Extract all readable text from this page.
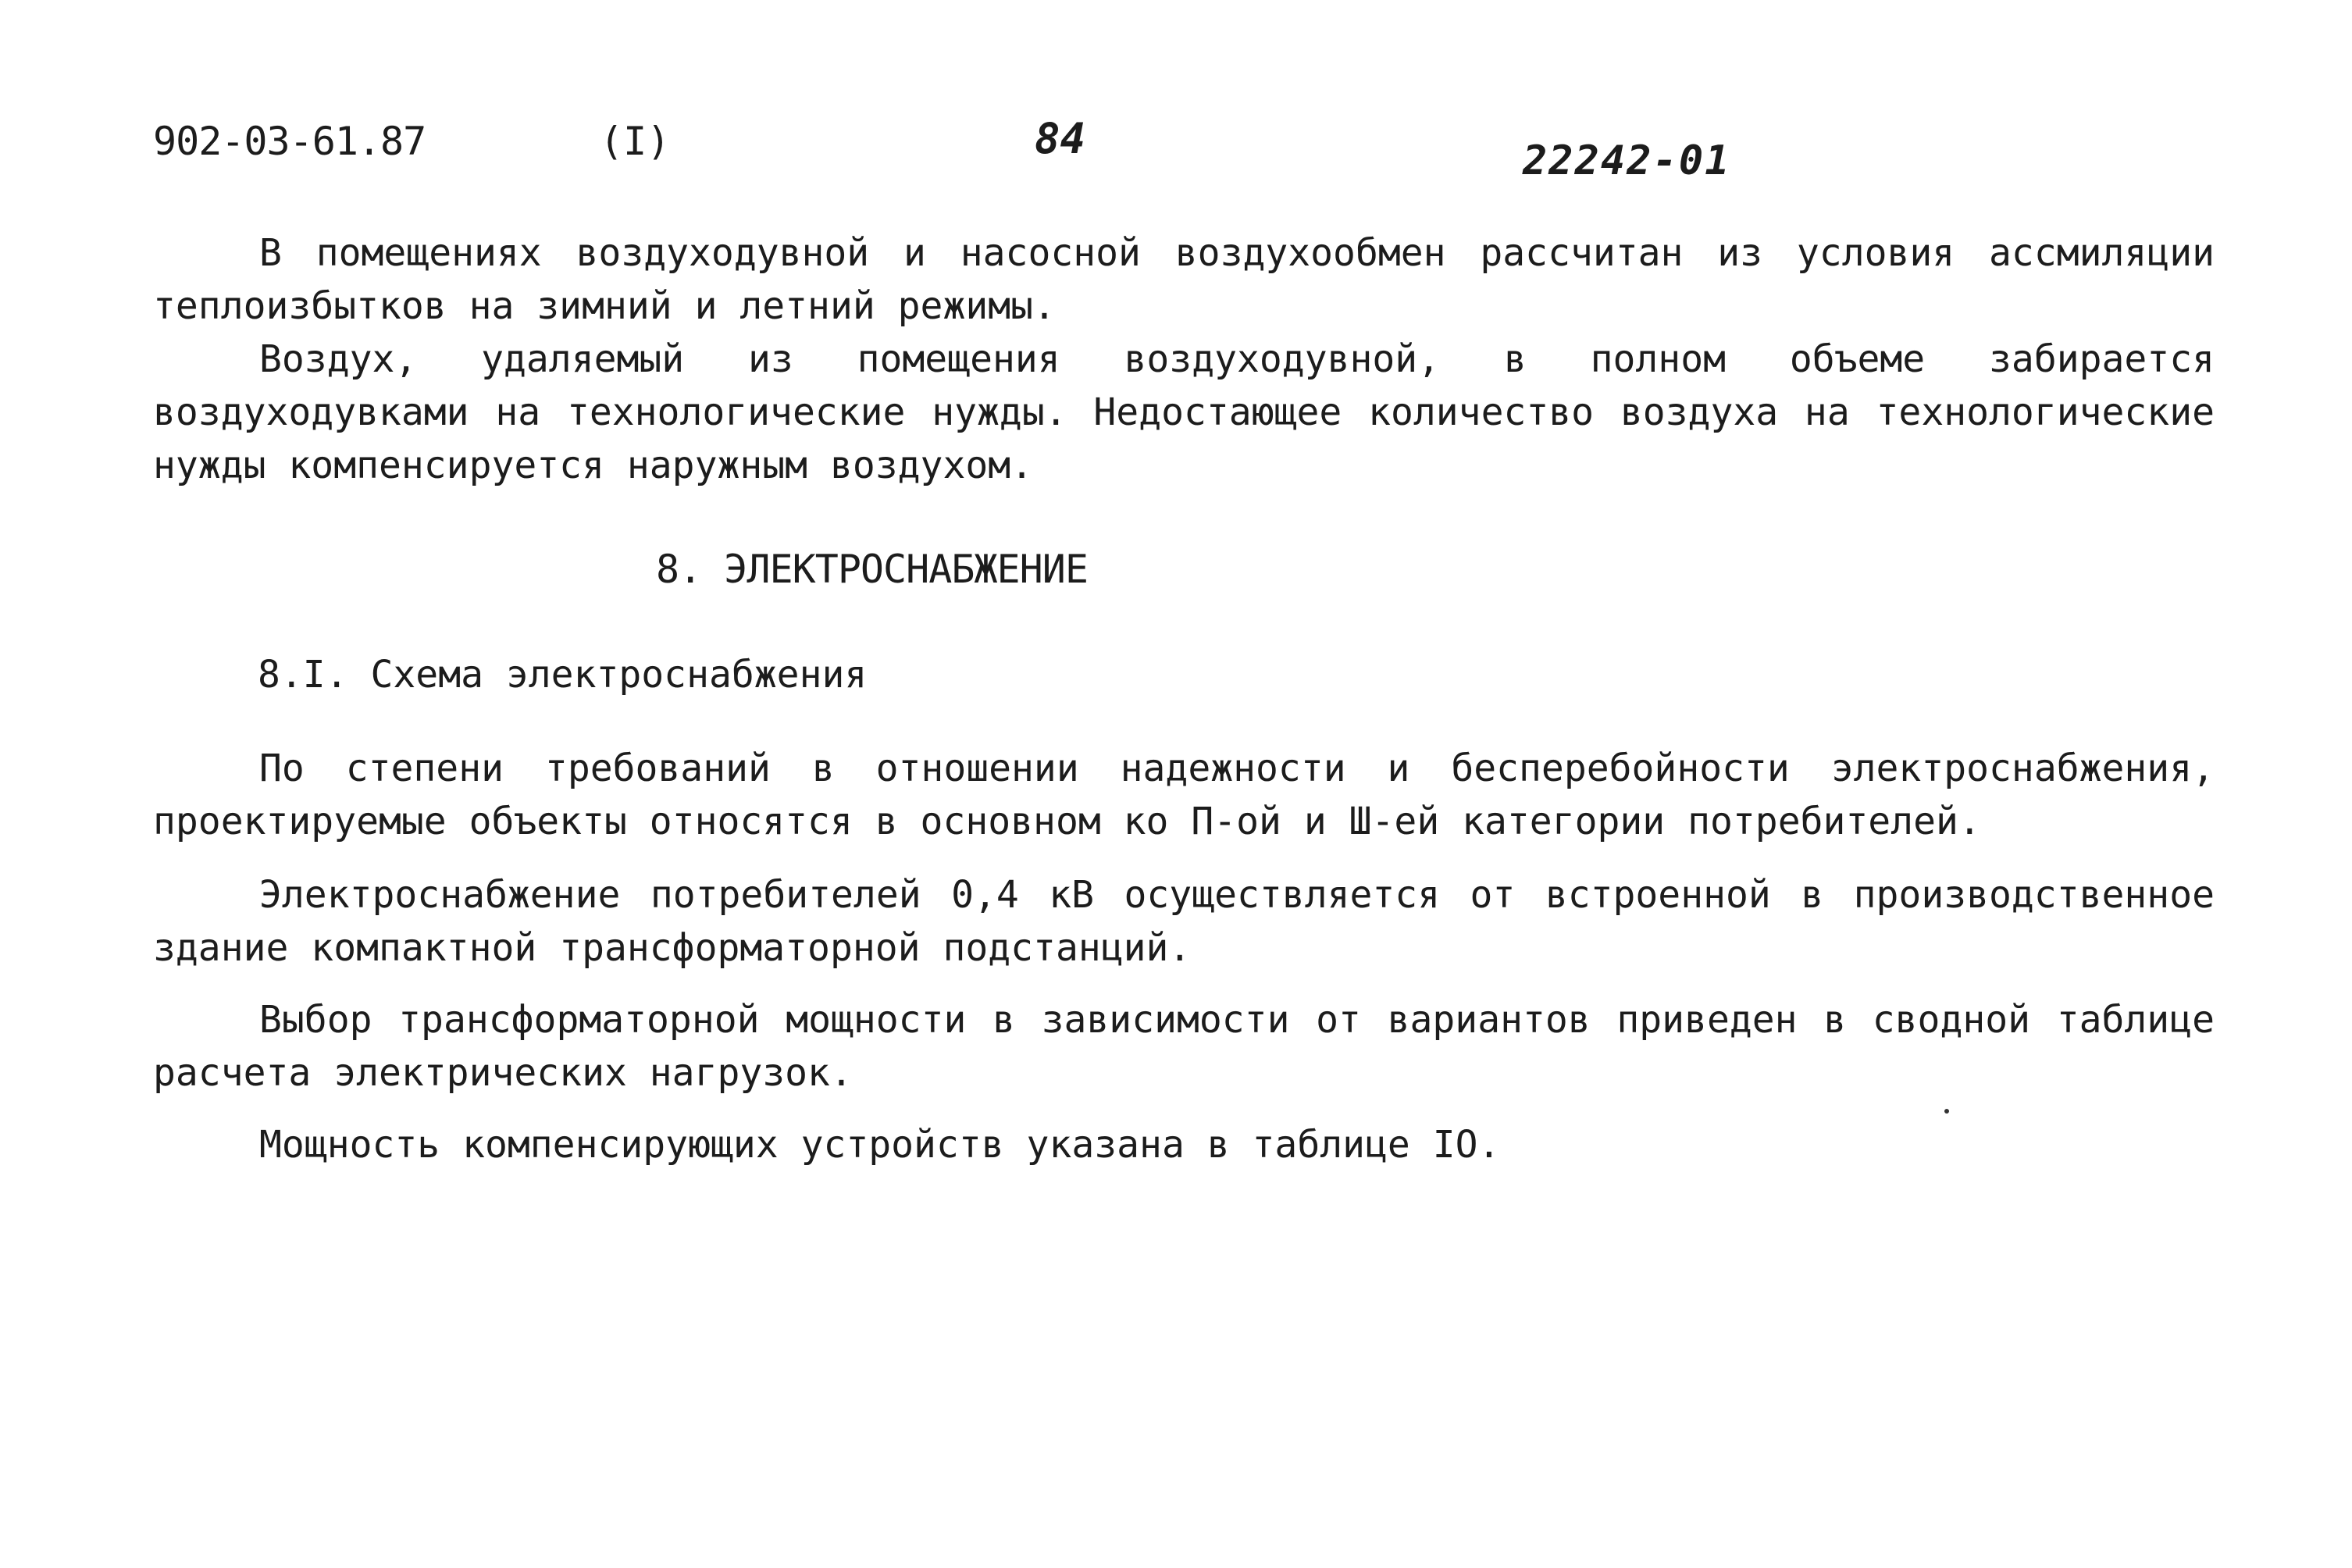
902-03-61.87	(I)	84	22242-01

В помещениях воздуходувной и насосной воздухообмен рассчитан из условия ассмиляции теплоизбытков на зимний и летний режимы.

Воздух, удаляемый из помещения воздуходувной, в полном объеме забирается воздуходувками на технологические нужды. Недостающее количество воздуха на технологические нужды компенсируется наружным воздухом.

8. ЭЛЕКТРОСНАБЖЕНИЕ
8.I. Схема электроснабжения

По степени требований в отношении надежности и бесперебойности электроснабжения, проектируемые объекты относятся в основном ко П-ой и Ш-ей категории потребителей.

Электроснабжение потребителей 0,4 кВ осуществляется от встроенной в производственное здание компактной трансформаторной подстанций.

Выбор трансформаторной мощности в зависимости от вариантов приведен в сводной таблице расчета электрических нагрузок.

Мощность компенсирующих устройств указана в таблице IO.
